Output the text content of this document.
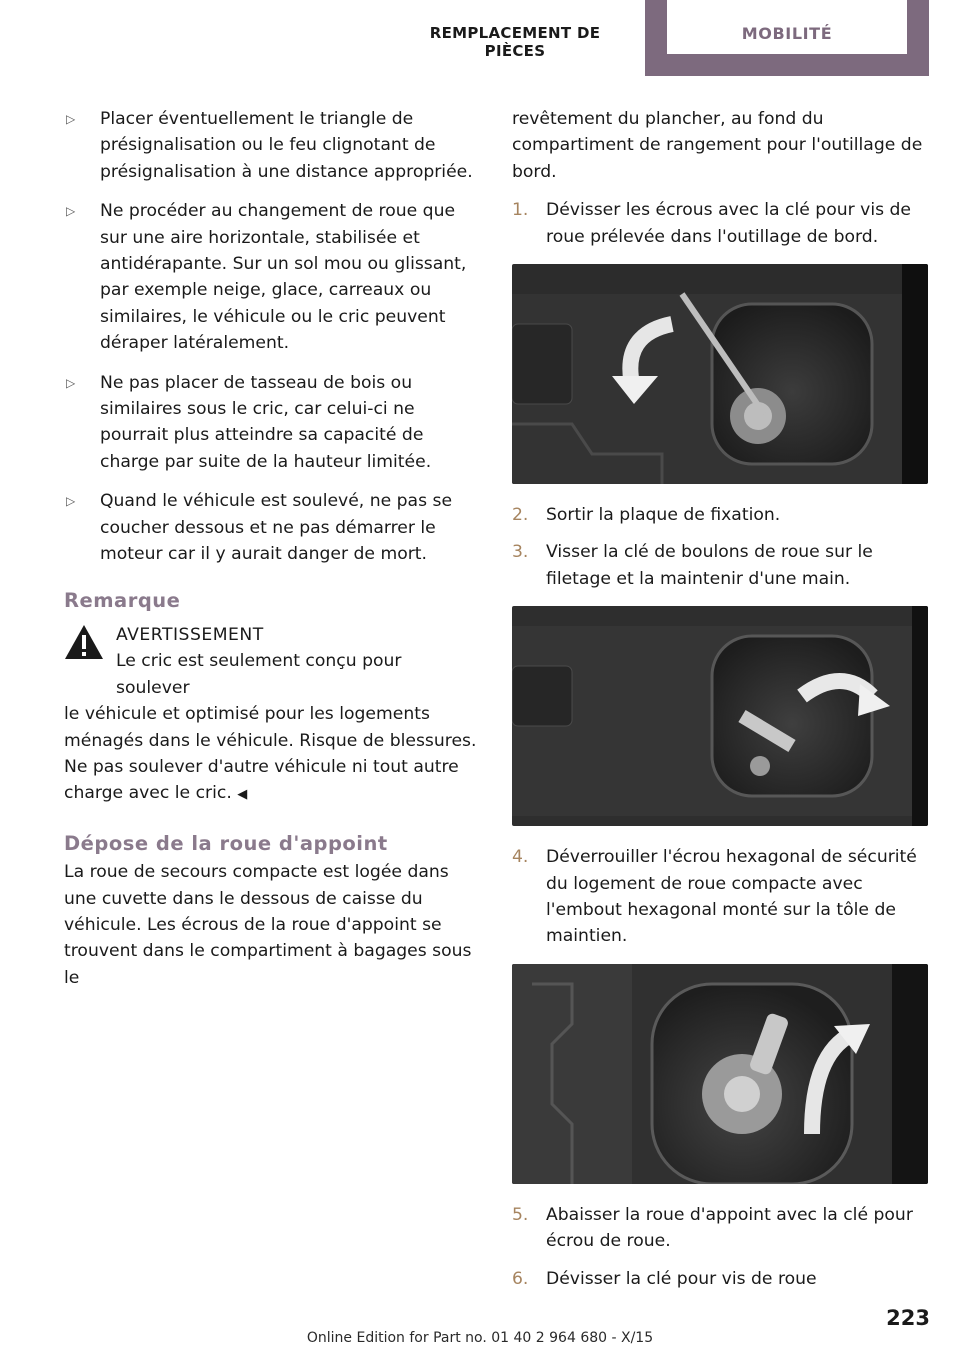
REMPLACEMENT DE PIÈCES
MOBILITÉ
▷ Placer éventuellement le triangle de présignalisation ou le feu clignotant de présignalisation à une distance appropriée.
▷ Ne procéder au changement de roue que sur une aire horizontale, stabilisée et antidérapante. Sur un sol mou ou glissant, par exemple neige, glace, carreaux ou similaires, le véhicule ou le cric peuvent déraper latéralement.
▷ Ne pas placer de tasseau de bois ou similaires sous le cric, car celui-ci ne pourrait plus atteindre sa capacité de charge par suite de la hauteur limitée.
▷ Quand le véhicule est soulevé, ne pas se coucher dessous et ne pas démarrer le moteur car il y aurait danger de mort.
Remarque
AVERTISSEMENT
Le cric est seulement conçu pour soulever
le véhicule et optimisé pour les logements ménagés dans le véhicule. Risque de blessures. Ne pas soulever d'autre véhicule ni tout autre charge avec le cric. ◀
Dépose de la roue d'appoint
La roue de secours compacte est logée dans une cuvette dans le dessous de caisse du véhicule. Les écrous de la roue d'appoint se trouvent dans le compartiment à bagages sous le
revêtement du plancher, au fond du compartiment de rangement pour l'outillage de bord.
1. Dévisser les écrous avec la clé pour vis de roue prélevée dans l'outillage de bord.
2. Sortir la plaque de fixation.
3. Visser la clé de boulons de roue sur le filetage et la maintenir d'une main.
4. Déverrouiller l'écrou hexagonal de sécurité du logement de roue compacte avec l'embout hexagonal monté sur la tôle de maintien.
5. Abaisser la roue d'appoint avec la clé pour écrou de roue.
6. Dévisser la clé pour vis de roue
223
Online Edition for Part no. 01 40 2 964 680 - X/15
